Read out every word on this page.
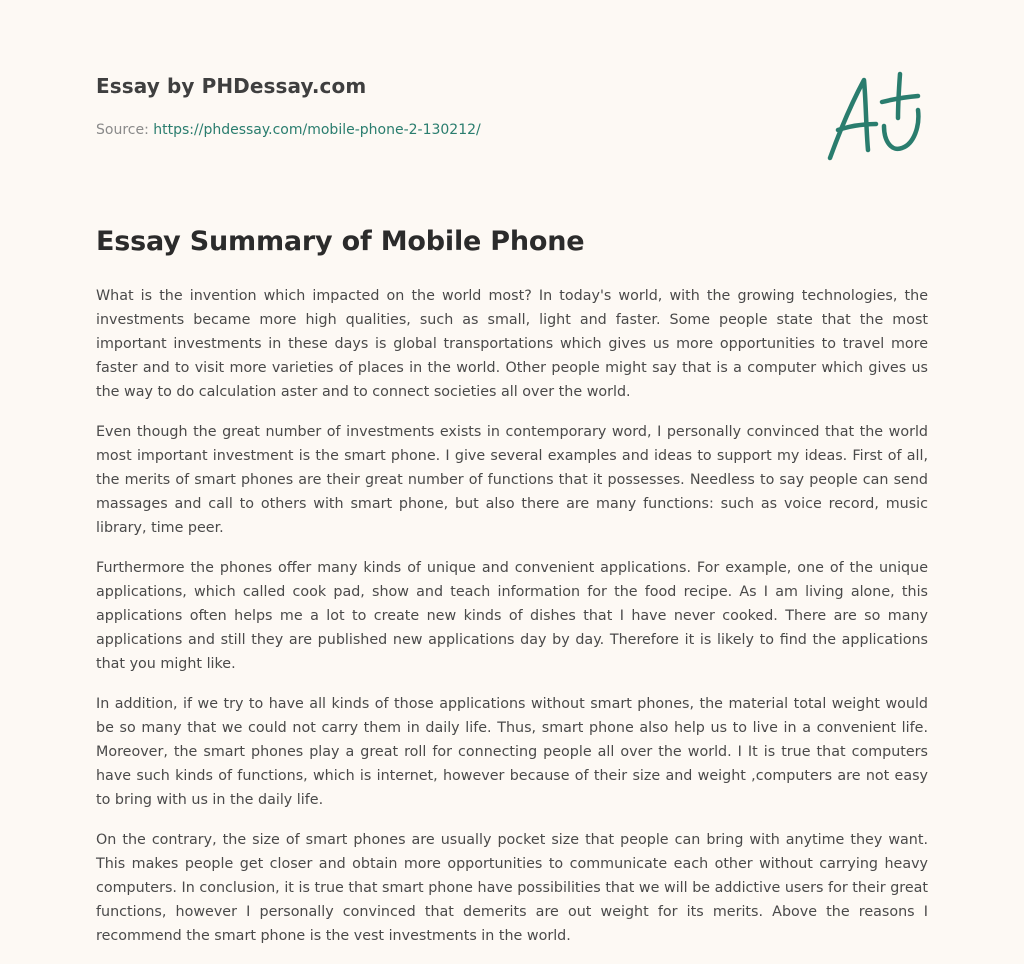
Essay by PHDessay.com
Source: https://phdessay.com/mobile-phone-2-130212/
Essay Summary of Mobile Phone

What is the invention which impacted on the world most? In today's world, with the growing technologies, the investments became more high qualities, such as small, light and faster. Some people state that the most important investments in these days is global transportations which gives us more opportunities to travel more faster and to visit more varieties of places in the world. Other people might say that is a computer which gives us the way to do calculation aster and to connect societies all over the world.

Even though the great number of investments exists in contemporary word, I personally convinced that the world most important investment is the smart phone. I give several examples and ideas to support my ideas. First of all, the merits of smart phones are their great number of functions that it possesses. Needless to say people can send massages and call to others with smart phone, but also there are many functions: such as voice record, music library, time peer.

Furthermore the phones offer many kinds of unique and convenient applications. For example, one of the unique applications, which called cook pad, show and teach information for the food recipe. As I am living alone, this applications often helps me a lot to create new kinds of dishes that I have never cooked. There are so many applications and still they are published new applications day by day. Therefore it is likely to find the applications that you might like.

In addition, if we try to have all kinds of those applications without smart phones, the material total weight would be so many that we could not carry them in daily life. Thus, smart phone also help us to live in a convenient life. Moreover, the smart phones play a great roll for connecting people all over the world. I It is true that computers have such kinds of functions, which is internet, however because of their size and weight ,computers are not easy to bring with us in the daily life.

On the contrary, the size of smart phones are usually pocket size that people can bring with anytime they want. This makes people get closer and obtain more opportunities to communicate each other without carrying heavy computers. In conclusion, it is true that smart phone have possibilities that we will be addictive users for their great functions, however I personally convinced that demerits are out weight for its merits. Above the reasons I recommend the smart phone is the vest investments in the world.
